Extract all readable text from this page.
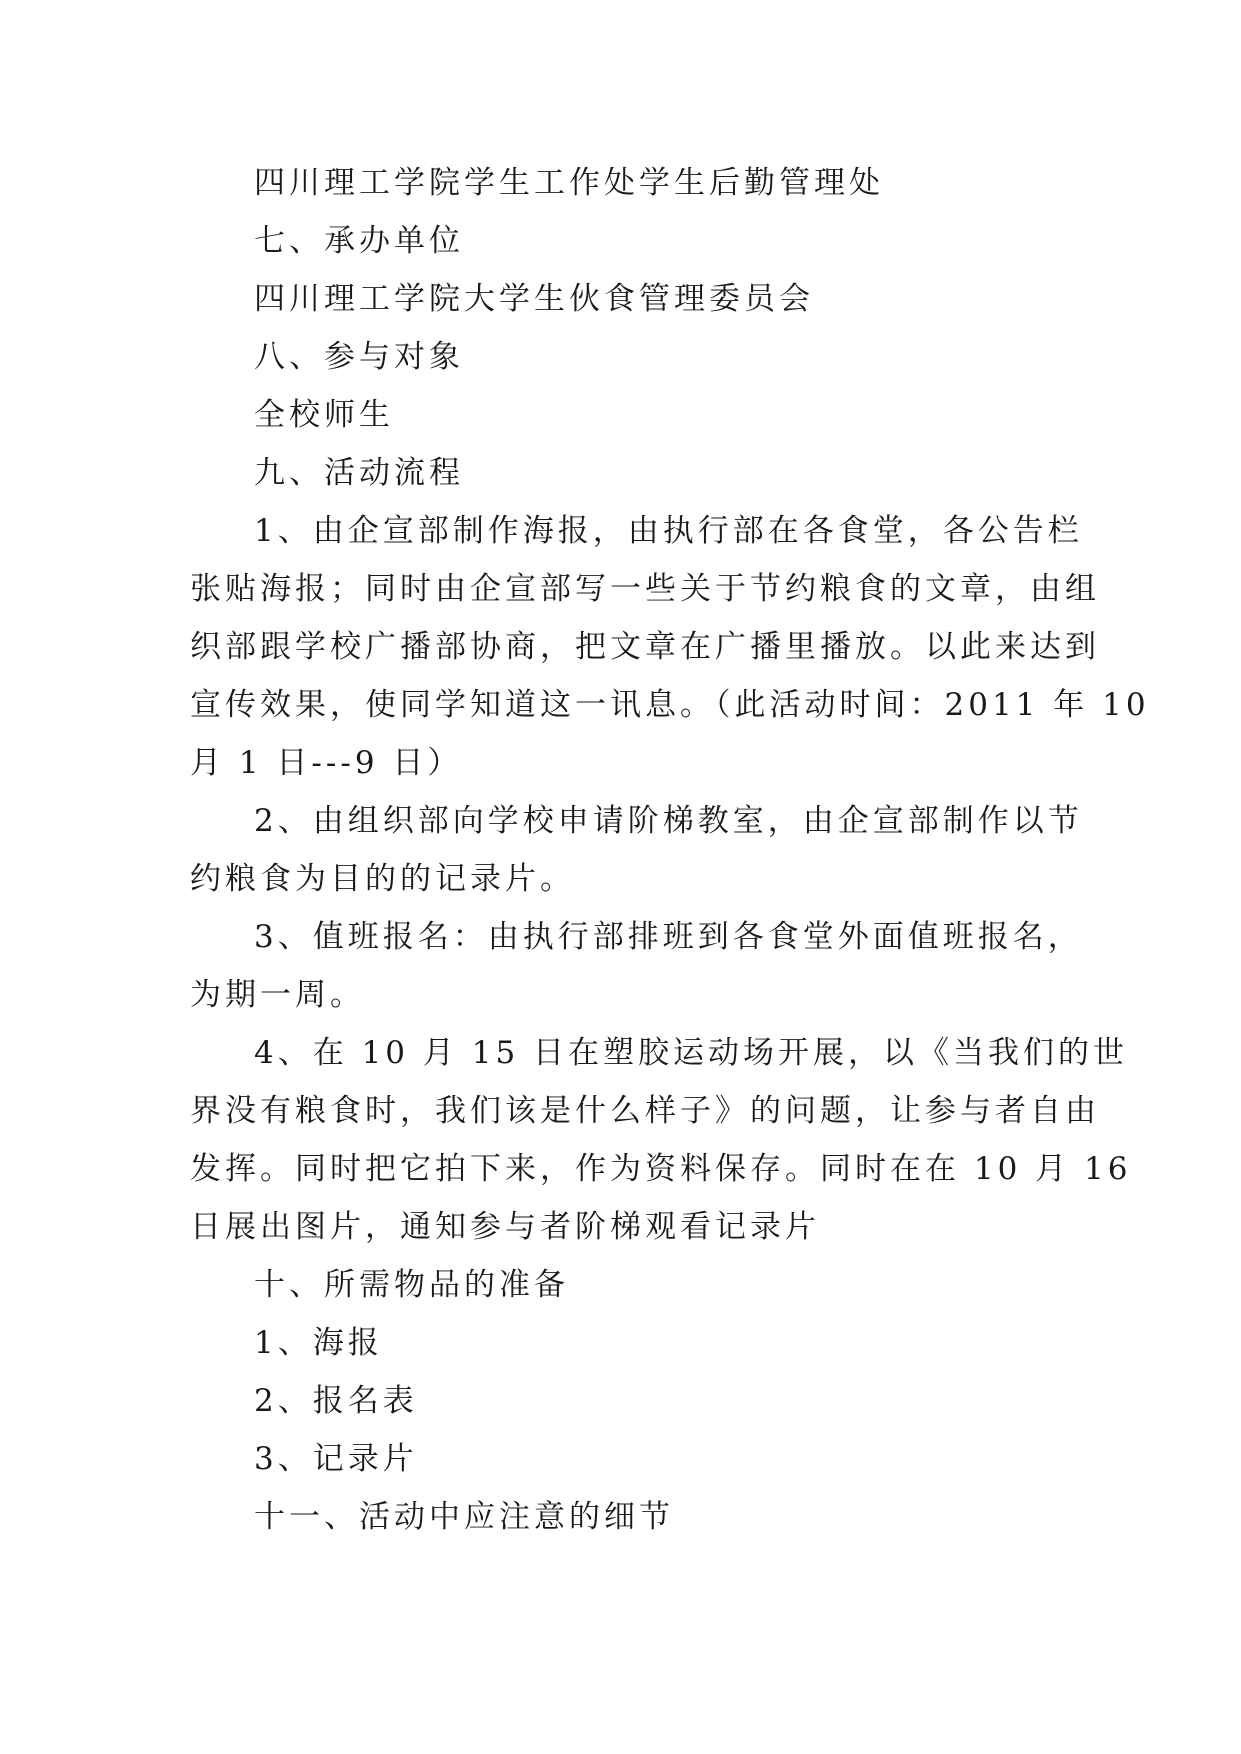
四川理工学院学生工作处学生后勤管理处

七、承办单位

四川理工学院大学生伙食管理委员会

八、参与对象

全校师生

九、活动流程

1、由企宣部制作海报，由执行部在各食堂，各公告栏

张贴海报；同时由企宣部写一些关于节约粮食的文章，由组

织部跟学校广播部协商，把文章在广播里播放。以此来达到

宣传效果，使同学知道这一讯息。（此活动时间：2011 年 10

月 1 日---9 日）

2、由组织部向学校申请阶梯教室，由企宣部制作以节

约粮食为目的的记录片。

3、值班报名：由执行部排班到各食堂外面值班报名，

为期一周。

4、在 10 月 15 日在塑胶运动场开展，以《当我们的世

界没有粮食时，我们该是什么样子》的问题，让参与者自由

发挥。同时把它拍下来，作为资料保存。同时在在 10 月 16

日展出图片，通知参与者阶梯观看记录片

十、所需物品的准备

1、海报

2、报名表

3、记录片

十一、活动中应注意的细节
